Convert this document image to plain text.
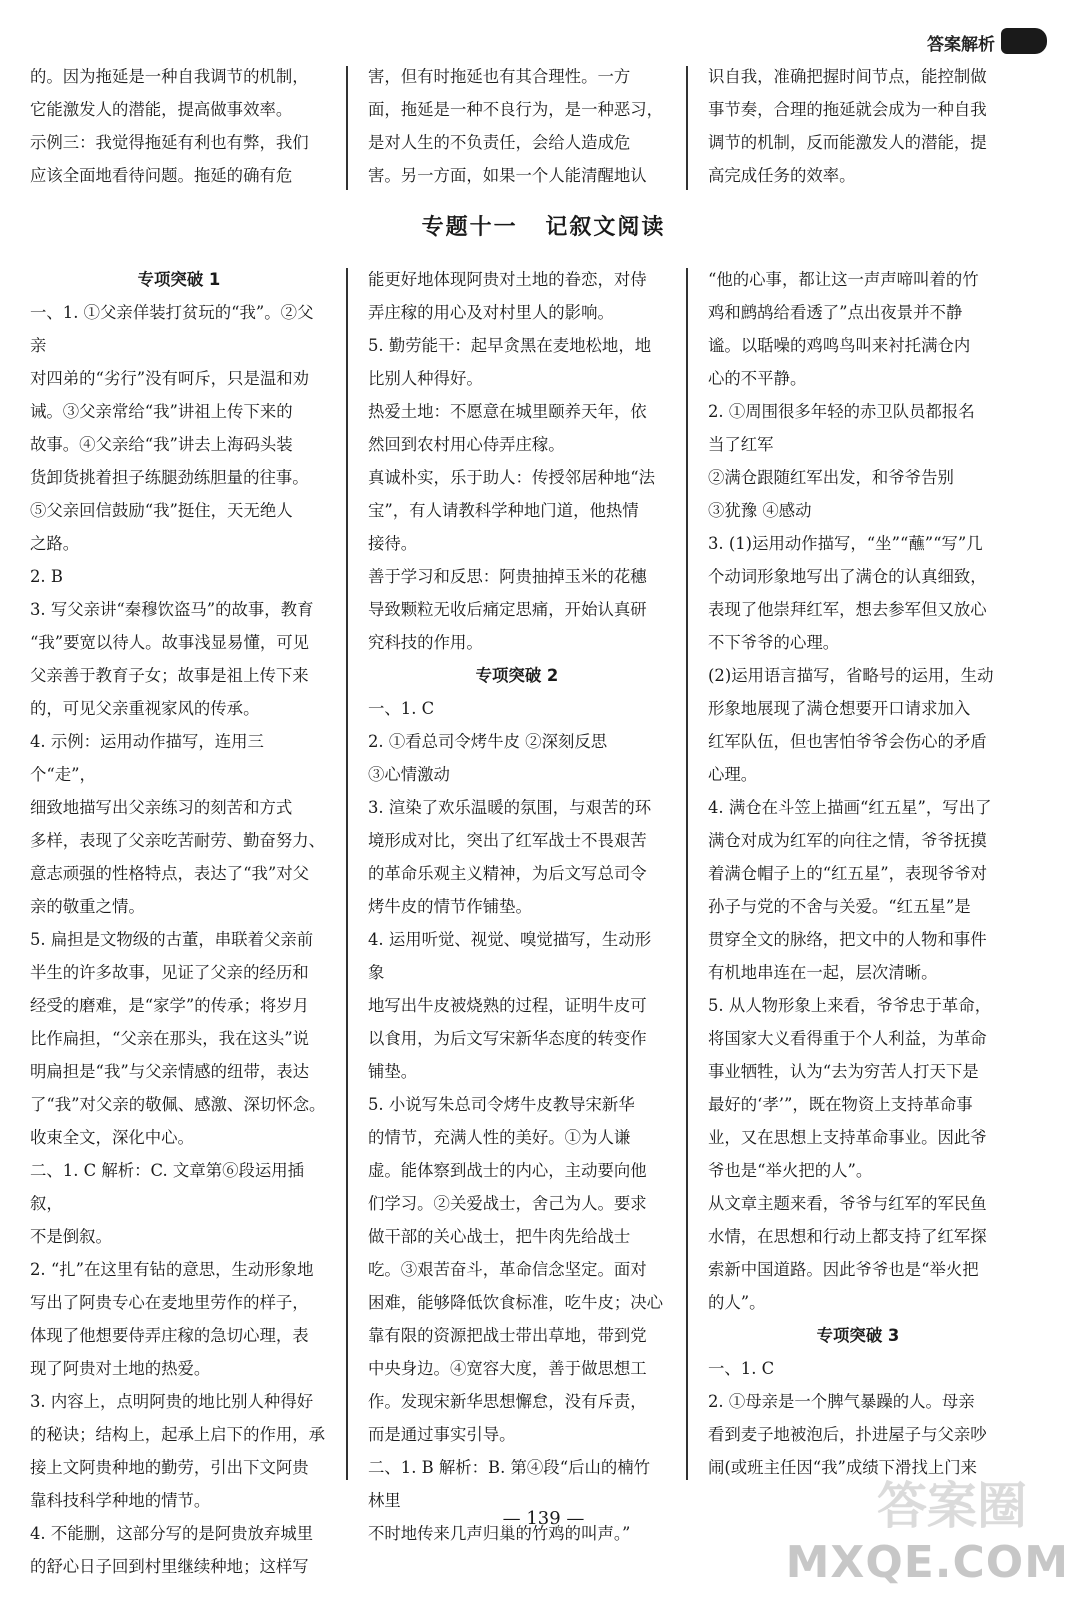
答案解析

的。因为拖延是一种自我调节的机制，

它能激发人的潜能，提高做事效率。

示例三：我觉得拖延有利也有弊，我们

应该全面地看待问题。拖延的确有危

害，但有时拖延也有其合理性。一方

面，拖延是一种不良行为，是一种恶习，

是对人生的不负责任，会给人造成危

害。另一方面，如果一个人能清醒地认

识自我，准确把握时间节点，能控制做

事节奏，合理的拖延就会成为一种自我

调节的机制，反而能激发人的潜能，提

高完成任务的效率。

专题十一 记叙文阅读

专项突破 1

一、1. ①父亲佯装打贫玩的“我”。②父亲

对四弟的“劣行”没有呵斥，只是温和劝

诫。③父亲常给“我”讲祖上传下来的

故事。④父亲给“我”讲去上海码头装

货卸货挑着担子练腿劲练胆量的往事。

⑤父亲回信鼓励“我”挺住，天无绝人

之路。

2. B

3. 写父亲讲“秦穆饮盗马”的故事，教育

“我”要宽以待人。故事浅显易懂，可见

父亲善于教育子女；故事是祖上传下来

的，可见父亲重视家风的传承。

4. 示例：运用动作描写，连用三个“走”，

细致地描写出父亲练习的刻苦和方式

多样，表现了父亲吃苦耐劳、勤奋努力、

意志顽强的性格特点，表达了“我”对父

亲的敬重之情。

5. 扁担是文物级的古董，串联着父亲前

半生的许多故事，见证了父亲的经历和

经受的磨难，是“家学”的传承；将岁月

比作扁担，“父亲在那头，我在这头”说

明扁担是“我”与父亲情感的纽带，表达

了“我”对父亲的敬佩、感激、深切怀念。

收束全文，深化中心。

二、1. C 解析：C. 文章第⑥段运用插叙，

不是倒叙。

2. “扎”在这里有钻的意思，生动形象地

写出了阿贵专心在麦地里劳作的样子，

体现了他想要侍弄庄稼的急切心理，表

现了阿贵对土地的热爱。

3. 内容上，点明阿贵的地比别人种得好

的秘诀；结构上，起承上启下的作用，承

接上文阿贵种地的勤劳，引出下文阿贵

靠科技科学种地的情节。

4. 不能删，这部分写的是阿贵放弃城里

的舒心日子回到村里继续种地；这样写

能更好地体现阿贵对土地的眷恋，对侍

弄庄稼的用心及对村里人的影响。

5. 勤劳能干：起早贪黑在麦地松地，地

比别人种得好。

热爱土地：不愿意在城里颐养天年，依

然回到农村用心侍弄庄稼。

真诚朴实，乐于助人：传授邻居种地“法

宝”，有人请教科学种地门道，他热情

接待。

善于学习和反思：阿贵抽掉玉米的花穗

导致颗粒无收后痛定思痛，开始认真研

究科技的作用。

专项突破 2

一、1. C

2. ①看总司令烤牛皮 ②深刻反思

③心情激动

3. 渲染了欢乐温暖的氛围，与艰苦的环

境形成对比，突出了红军战士不畏艰苦

的革命乐观主义精神，为后文写总司令

烤牛皮的情节作铺垫。

4. 运用听觉、视觉、嗅觉描写，生动形象

地写出牛皮被烧熟的过程，证明牛皮可

以食用，为后文写宋新华态度的转变作

铺垫。

5. 小说写朱总司令烤牛皮教导宋新华

的情节，充满人性的美好。①为人谦

虚。能体察到战士的内心，主动要向他

们学习。②关爱战士，舍己为人。要求

做干部的关心战士，把牛肉先给战士

吃。③艰苦奋斗，革命信念坚定。面对

困难，能够降低饮食标准，吃牛皮；决心

靠有限的资源把战士带出草地，带到党

中央身边。④宽容大度，善于做思想工

作。发现宋新华思想懈怠，没有斥责，

而是通过事实引导。

二、1. B 解析：B. 第④段“后山的楠竹林里

不时地传来几声归巢的竹鸡的叫声。”

“他的心事，都让这一声声啼叫着的竹

鸡和鹧鸪给看透了”点出夜景并不静

谧。以聒噪的鸡鸣鸟叫来衬托满仓内

心的不平静。

2. ①周围很多年轻的赤卫队员都报名

当了红军

②满仓跟随红军出发，和爷爷告别

③犹豫 ④感动

3. (1)运用动作描写，“坐”“蘸”“写”几

个动词形象地写出了满仓的认真细致，

表现了他崇拜红军，想去参军但又放心

不下爷爷的心理。

(2)运用语言描写，省略号的运用，生动

形象地展现了满仓想要开口请求加入

红军队伍，但也害怕爷爷会伤心的矛盾

心理。

4. 满仓在斗笠上描画“红五星”，写出了

满仓对成为红军的向往之情，爷爷抚摸

着满仓帽子上的“红五星”，表现爷爷对

孙子与党的不舍与关爱。“红五星”是

贯穿全文的脉络，把文中的人物和事件

有机地串连在一起，层次清晰。

5. 从人物形象上来看，爷爷忠于革命，

将国家大义看得重于个人利益，为革命

事业牺牲，认为“去为穷苦人打天下是

最好的‘孝’”，既在物资上支持革命事

业，又在思想上支持革命事业。因此爷

爷也是“举火把的人”。

从文章主题来看，爷爷与红军的军民鱼

水情，在思想和行动上都支持了红军探

索新中国道路。因此爷爷也是“举火把

的人”。

专项突破 3

一、1. C

2. ①母亲是一个脾气暴躁的人。母亲

看到麦子地被泡后，扑进屋子与父亲吵

闹(或班主任因“我”成绩下滑找上门来

— 139 —	答案圈
MXQE.COM
